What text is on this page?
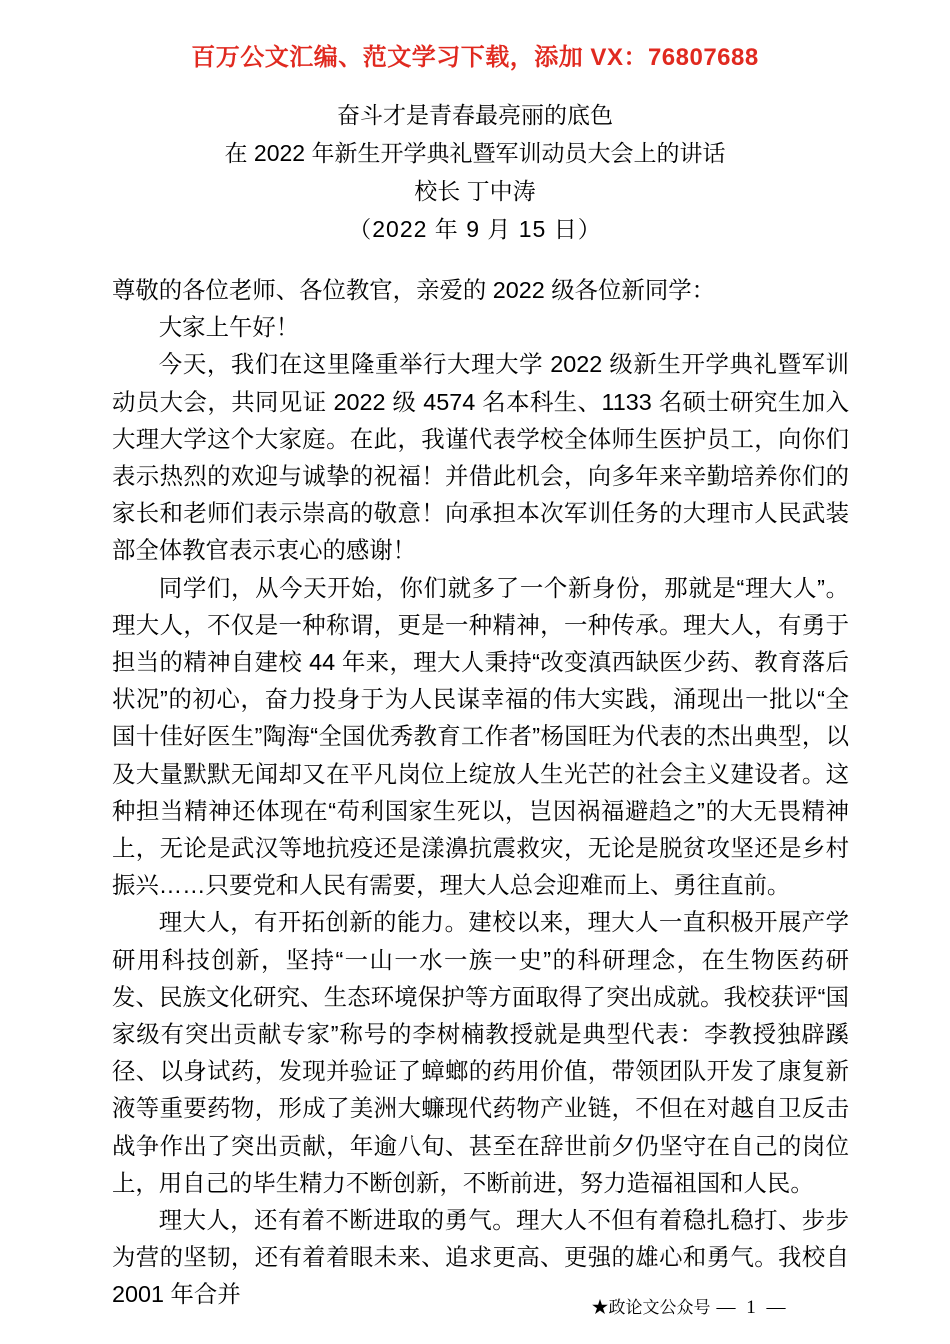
百万公文汇编、范文学习下载，添加 VX：76807688
奋斗才是青春最亮丽的底色
在 2022 年新生开学典礼暨军训动员大会上的讲话
校长 丁中涛
（2022 年 9 月 15 日）

尊敬的各位老师、各位教官，亲爱的 2022 级各位新同学：

大家上午好！

今天，我们在这里隆重举行大理大学 2022 级新生开学典礼暨军训动员大会，共同见证 2022 级 4574 名本科生、1133 名硕士研究生加入大理大学这个大家庭。在此，我谨代表学校全体师生医护员工，向你们表示热烈的欢迎与诚挚的祝福！并借此机会，向多年来辛勤培养你们的家长和老师们表示崇高的敬意！向承担本次军训任务的大理市人民武装部全体教官表示衷心的感谢！

同学们，从今天开始，你们就多了一个新身份，那就是“理大人”。理大人，不仅是一种称谓，更是一种精神，一种传承。理大人，有勇于担当的精神自建校 44 年来，理大人秉持“改变滇西缺医少药、教育落后状况”的初心，奋力投身于为人民谋幸福的伟大实践，涌现出一批以“全国十佳好医生”陶海“全国优秀教育工作者”杨国旺为代表的杰出典型，以及大量默默无闻却又在平凡岗位上绽放人生光芒的社会主义建设者。这种担当精神还体现在“苟利国家生死以，岂因祸福避趋之”的大无畏精神上，无论是武汉等地抗疫还是漾濞抗震救灾，无论是脱贫攻坚还是乡村振兴……只要党和人民有需要，理大人总会迎难而上、勇往直前。

理大人，有开拓创新的能力。建校以来，理大人一直积极开展产学研用科技创新，坚持“一山一水一族一史”的科研理念，在生物医药研发、民族文化研究、生态环境保护等方面取得了突出成就。我校获评“国家级有突出贡献专家”称号的李树楠教授就是典型代表：李教授独辟蹊径、以身试药，发现并验证了蟑螂的药用价值，带领团队开发了康复新液等重要药物，形成了美洲大蠊现代药物产业链，不但在对越自卫反击战争作出了突出贡献，年逾八旬、甚至在辞世前夕仍坚守在自己的岗位上，用自己的毕生精力不断创新，不断前进，努力造福祖国和人民。

理大人，还有着不断进取的勇气。理大人不但有着稳扎稳打、步步为营的坚韧，还有着着眼未来、追求更高、更强的雄心和勇气。我校自 2001 年合并

★政论文公众号 — 1 —
